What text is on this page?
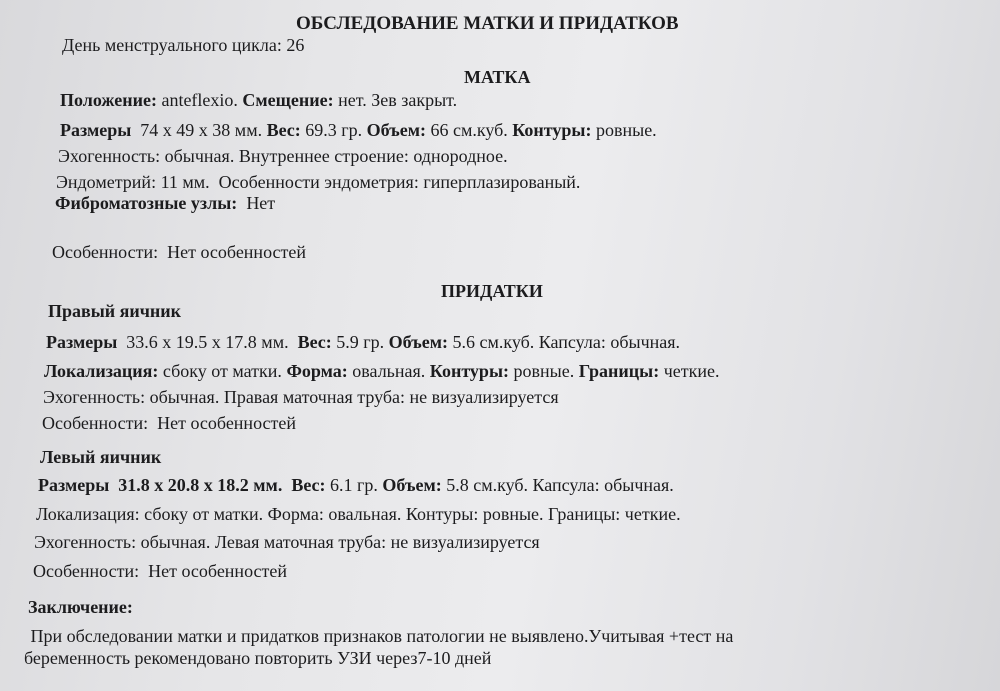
ОБСЛЕДОВАНИЕ МАТКИ И ПРИДАТКОВ
День менструального цикла: 26
МАТКА
Положение: anteflexio. Смещение: нет. Зев закрыт.
Размеры  74 х 49 х 38 мм. Вес: 69.3 гр. Объем: 66 см.куб. Контуры: ровные.
Эхогенность: обычная. Внутреннее строение: однородное.
Эндометрий: 11 мм.  Особенности эндометрия: гиперплазированый.
Фиброматозные узлы:  Нет
Особенности:  Нет особенностей
ПРИДАТКИ
Правый яичник
Размеры  33.6 х 19.5 х 17.8 мм.  Вес: 5.9 гр. Объем: 5.6 см.куб. Капсула: обычная.
Локализация: сбоку от матки. Форма: овальная. Контуры: ровные. Границы: четкие.
Эхогенность: обычная. Правая маточная труба: не визуализируется
Особенности:  Нет особенностей
Левый яичник
Размеры  31.8 х 20.8 х 18.2 мм.  Вес: 6.1 гр. Объем: 5.8 см.куб. Капсула: обычная.
Локализация: сбоку от матки. Форма: овальная. Контуры: ровные. Границы: четкие.
Эхогенность: обычная. Левая маточная труба: не визуализируется
Особенности:  Нет особенностей
Заключение:
При обследовании матки и придатков признаков патологии не выявлено.Учитывая +тест на
беременность рекомендовано повторить УЗИ через7-10 дней
